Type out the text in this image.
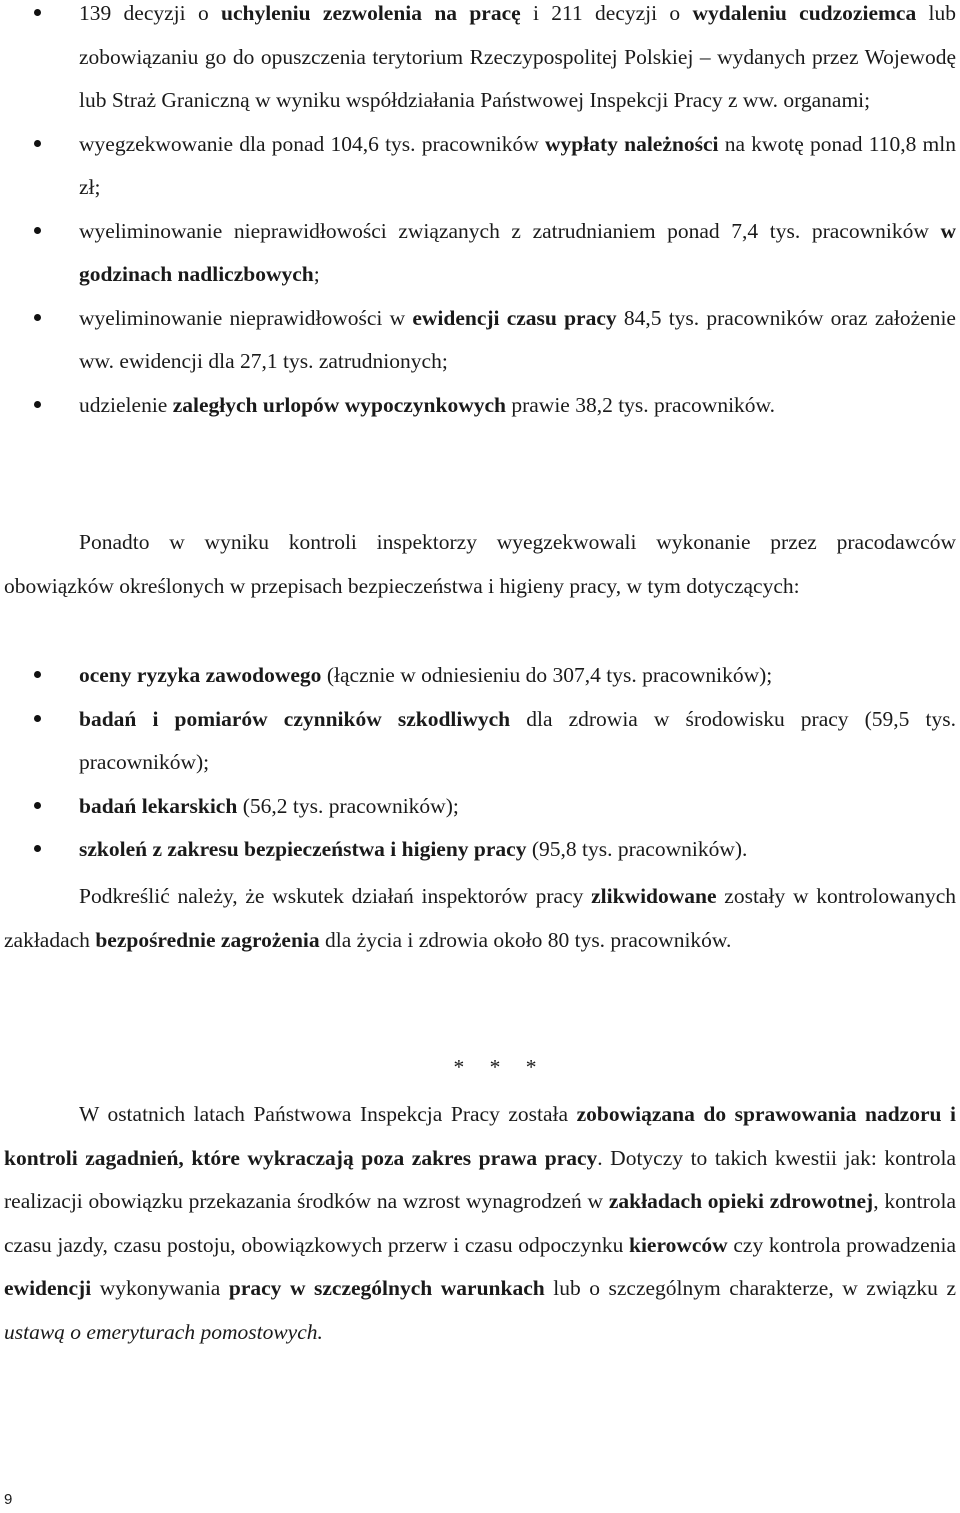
139 decyzji o uchyleniu zezwolenia na pracę i 211 decyzji o wydaleniu cudzoziemca lub zobowiązaniu go do opuszczenia terytorium Rzeczypospolitej Polskiej – wydanych przez Wojewodę lub Straż Graniczną w wyniku współdziałania Państwowej Inspekcji Pracy z ww. organami;
wyegzekwowanie dla ponad 104,6 tys. pracowników wypłaty należności na kwotę ponad 110,8 mln zł;
wyeliminowanie nieprawidłowości związanych z zatrudnianiem ponad 7,4 tys. pracowników w godzinach nadliczbowych;
wyeliminowanie nieprawidłowości w ewidencji czasu pracy 84,5 tys. pracowników oraz założenie ww. ewidencji dla 27,1 tys. zatrudnionych;
udzielenie zaległych urlopów wypoczynkowych prawie 38,2 tys. pracowników.

Ponadto w wyniku kontroli inspektorzy wyegzekwowali wykonanie przez pracodawców obowiązków określonych w przepisach bezpieczeństwa i higieny pracy, w tym dotyczących:

oceny ryzyka zawodowego (łącznie w odniesieniu do 307,4 tys. pracowników);
badań i pomiarów czynników szkodliwych dla zdrowia w środowisku pracy (59,5 tys. pracowników);
badań lekarskich (56,2 tys. pracowników);
szkoleń z zakresu bezpieczeństwa i higieny pracy (95,8 tys. pracowników).

Podkreślić należy, że wskutek działań inspektorów pracy zlikwidowane zostały w kontrolowanych zakładach bezpośrednie zagrożenia dla życia i zdrowia około 80 tys. pracowników.

* * *

W ostatnich latach Państwowa Inspekcja Pracy została zobowiązana do sprawowania nadzoru i kontroli zagadnień, które wykraczają poza zakres prawa pracy. Dotyczy to takich kwestii jak: kontrola realizacji obowiązku przekazania środków na wzrost wynagrodzeń w zakładach opieki zdrowotnej, kontrola czasu jazdy, czasu postoju, obowiązkowych przerw i czasu odpoczynku kierowców czy kontrola prowadzenia ewidencji wykonywania pracy w szczególnych warunkach lub o szczególnym charakterze, w związku z ustawą o emeryturach pomostowych.

9
